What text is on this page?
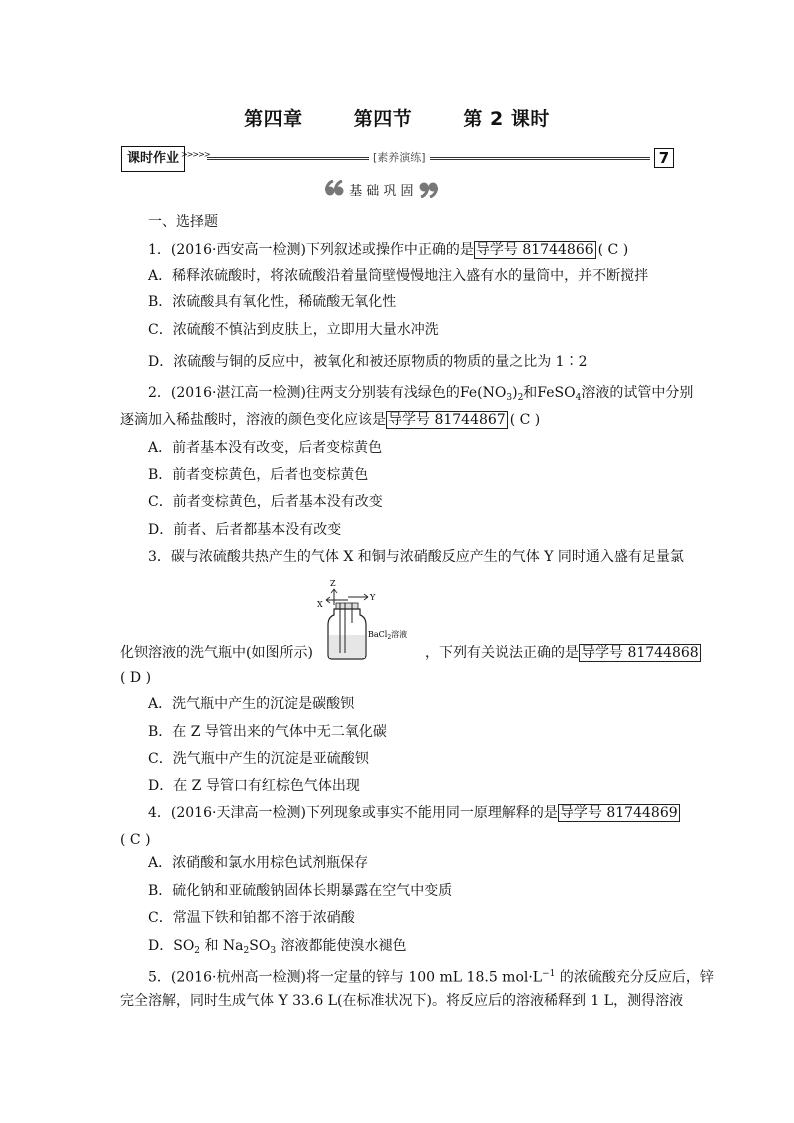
第四章	第四节	第 2 课时
课时作业 >>>>>	[素养演练]	7
基 础 巩 固
一、选择题
1．(2016·西安高一检测)下列叙述或操作中正确的是 导学号 81744866 ( C )
A．稀释浓硫酸时，将浓硫酸沿着量筒壁慢慢地注入盛有水的量筒中，并不断搅拌
B．浓硫酸具有氧化性，稀硫酸无氧化性
C．浓硫酸不慎沾到皮肤上，立即用大量水冲洗
D．浓硫酸与铜的反应中，被氧化和被还原物质的物质的量之比为 1∶2
2．(2016·湛江高一检测)往两支分别装有浅绿色的$Fe(NO_3)_2$和FeSO$_4$溶液的试管中分别
逐滴加入稀盐酸时，溶液的颜色变化应该是 导学号 81744867 ( C )
A．前者基本没有改变，后者变棕黄色
B．前者变棕黄色，后者也变棕黄色
C．前者变棕黄色，后者基本没有改变
D．前者、后者都基本没有改变
3．碳与浓硫酸共热产生的气体 X 和铜与浓硝酸反应产生的气体 Y 同时通入盛有足量氯
Z
X
Y
BaCl$_2$溶液
化钡溶液的洗气瓶中(如图所示)	，下列有关说法正确的是 导学号 81744868
( D )
A．洗气瓶中产生的沉淀是碳酸钡
B．在 Z 导管出来的气体中无二氧化碳
C．洗气瓶中产生的沉淀是亚硫酸钡
D．在 Z 导管口有红棕色气体出现
4．(2016·天津高一检测)下列现象或事实不能用同一原理解释的是 导学号 81744869
( C )
A．浓硝酸和氯水用棕色试剂瓶保存
B．硫化钠和亚硫酸钠固体长期暴露在空气中变质
C．常温下铁和铂都不溶于浓硝酸
D．$SO_2$ 和 $Na_2SO_3$ 溶液都能使溴水褪色
5．(2016·杭州高一检测)将一定量的锌与 100 mL 18.5 $mol\cdot L^{-1}$ 的浓硫酸充分反应后，锌
完全溶解，同时生成气体 Y 33.6 L(在标准状况下)。将反应后的溶液稀释到 1 L，测得溶液
